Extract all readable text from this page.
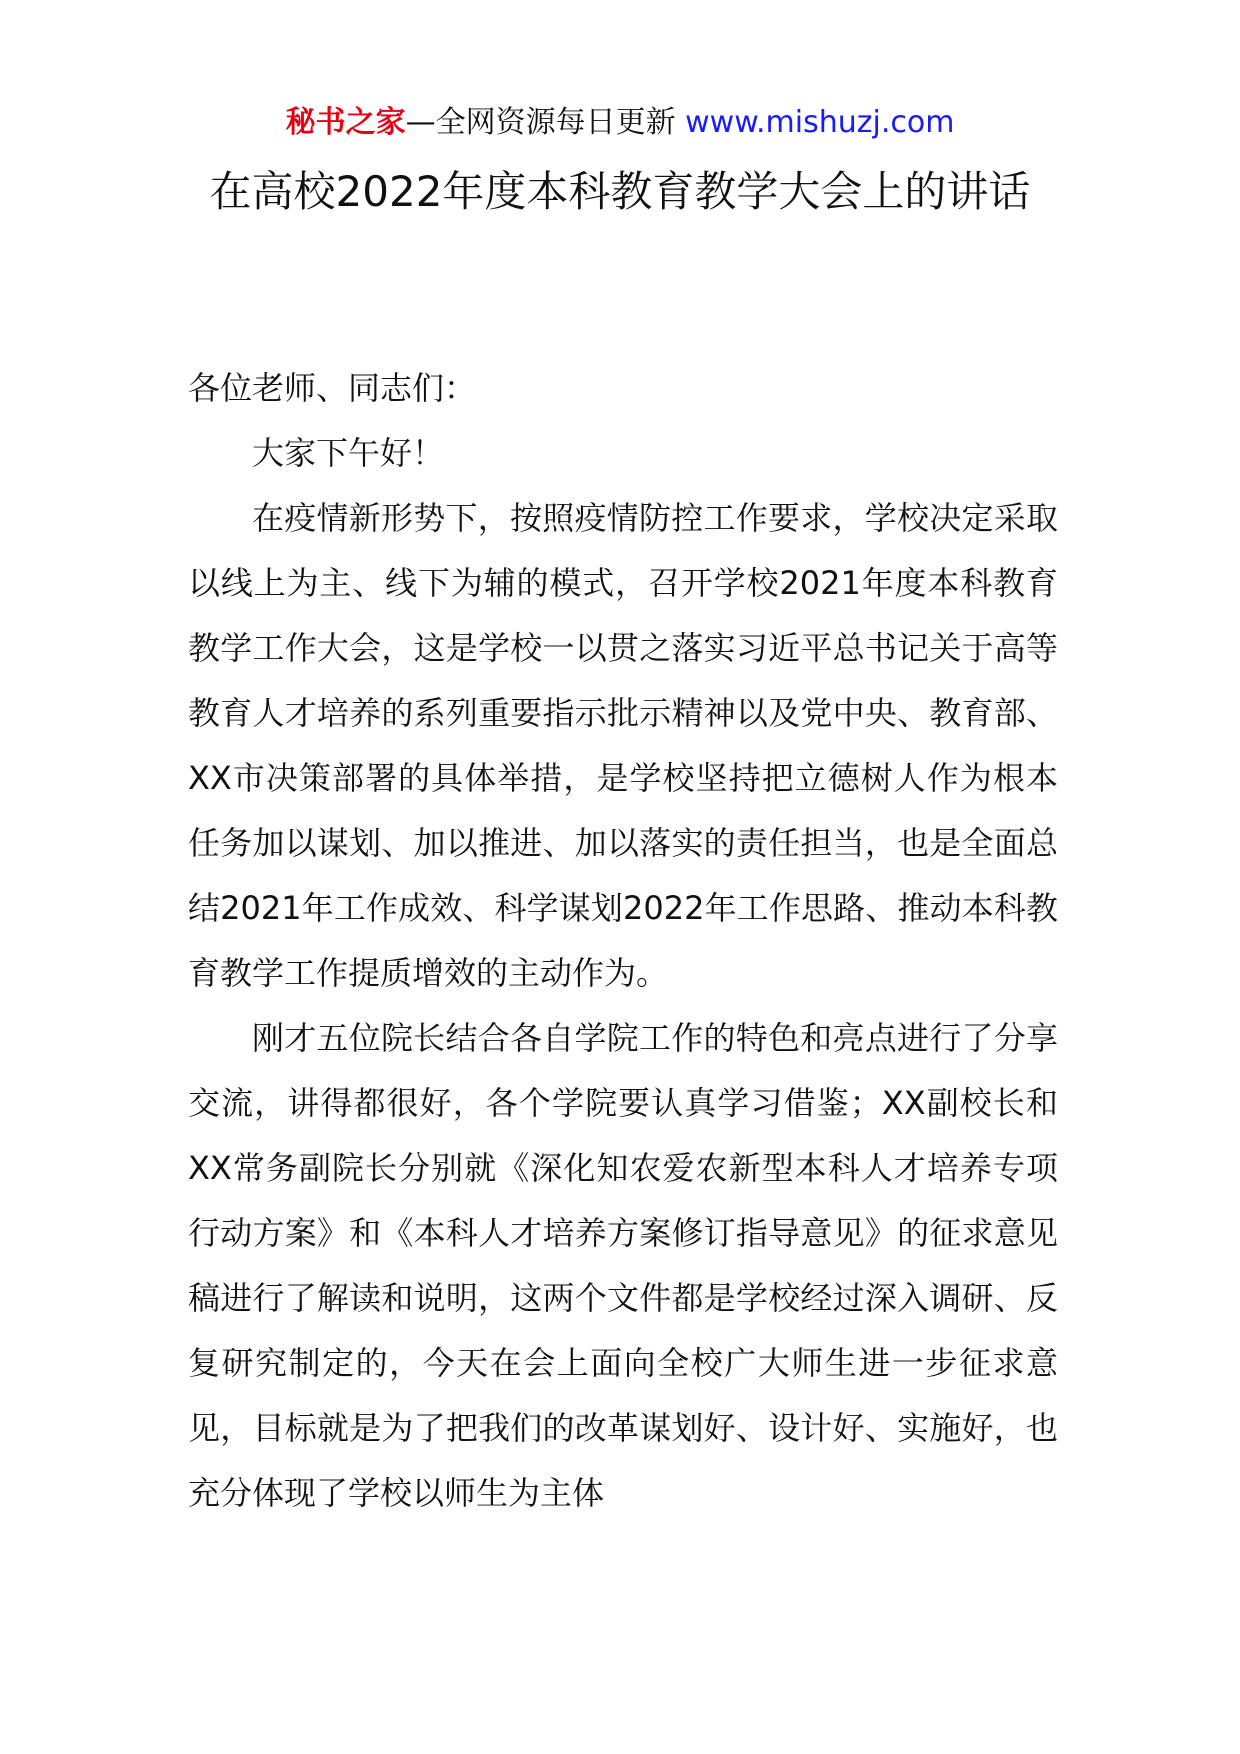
秘书之家—全网资源每日更新 www.mishuzj.com
在高校2022年度本科教育教学大会上的讲话

各位老师、同志们：

大家下午好！

在疫情新形势下，按照疫情防控工作要求，学校决定采取以线上为主、线下为辅的模式，召开学校2021年度本科教育教学工作大会，这是学校一以贯之落实习近平总书记关于高等教育人才培养的系列重要指示批示精神以及党中央、教育部、XX市决策部署的具体举措，是学校坚持把立德树人作为根本任务加以谋划、加以推进、加以落实的责任担当，也是全面总结2021年工作成效、科学谋划2022年工作思路、推动本科教育教学工作提质增效的主动作为。

刚才五位院长结合各自学院工作的特色和亮点进行了分享交流，讲得都很好，各个学院要认真学习借鉴；XX副校长和XX常务副院长分别就《深化知农爱农新型本科人才培养专项行动方案》和《本科人才培养方案修订指导意见》的征求意见稿进行了解读和说明，这两个文件都是学校经过深入调研、反复研究制定的，今天在会上面向全校广大师生进一步征求意见，目标就是为了把我们的改革谋划好、设计好、实施好，也充分体现了学校以师生为主体
